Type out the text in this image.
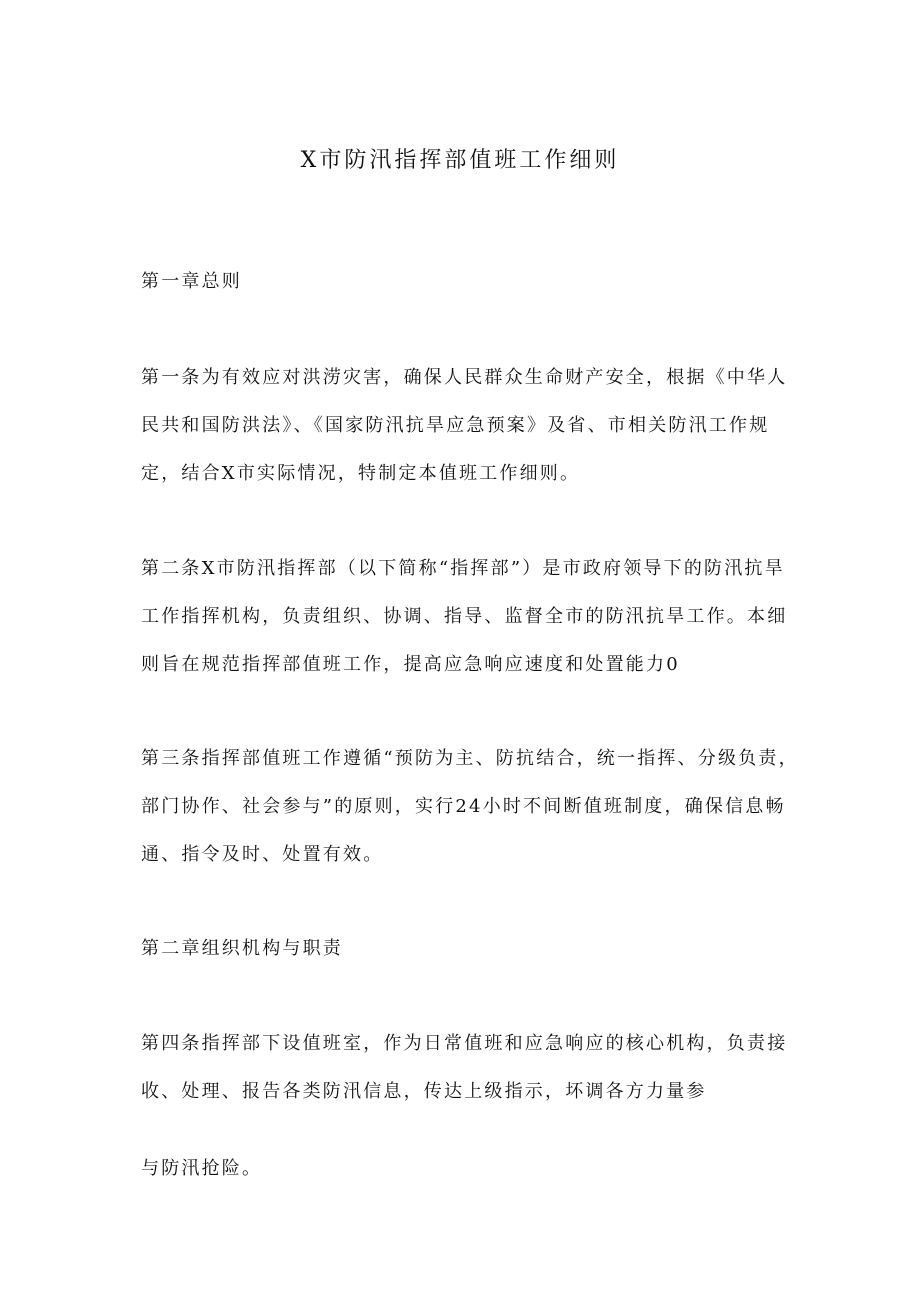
X市防汛指挥部值班工作细则

第一章总则

第一条为有效应对洪涝灾害，确保人民群众生命财产安全，根据《中华人
民共和国防洪法》、《国家防汛抗旱应急预案》及省、市相关防汛工作规
定，结合X市实际情况，特制定本值班工作细则。
第二条X市防汛指挥部（以下简称“指挥部”）是市政府领导下的防汛抗旱
工作指挥机构，负责组织、协调、指导、监督全市的防汛抗旱工作。本细
则旨在规范指挥部值班工作，提高应急响应速度和处置能力0
第三条指挥部值班工作遵循“预防为主、防抗结合，统一指挥、分级负责，
部门协作、社会参与”的原则，实行24小时不间断值班制度，确保信息畅
通、指令及时、处置有效。

第二章组织机构与职责

第四条指挥部下设值班室，作为日常值班和应急响应的核心机构，负责接
收、处理、报告各类防汛信息，传达上级指示，坏调各方力量参

与防汛抢险。
